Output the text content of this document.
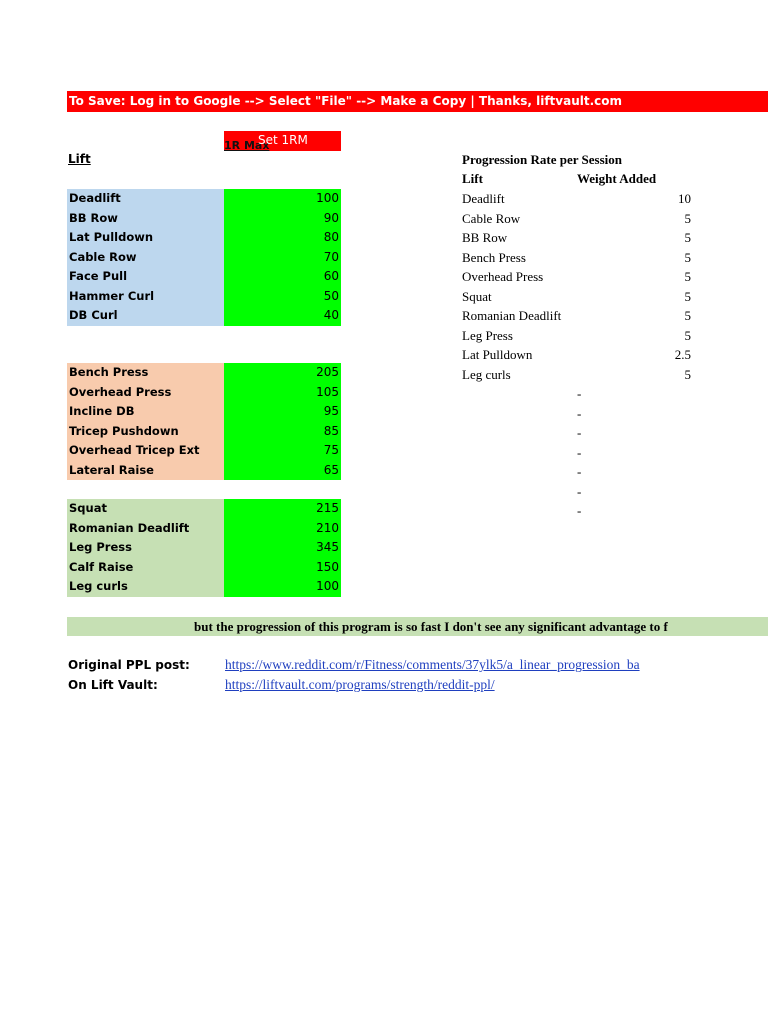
To Save: Log in to Google --> Select "File" --> Make a Copy | Thanks, liftvault.com
1R Max
Set 1RM
Lift
Deadlift	100
BB Row	90
Lat Pulldown	80
Cable Row	70
Face Pull	60
Hammer Curl	50
DB Curl	40
Bench Press	205
Overhead Press	105
Incline DB	95
Tricep Pushdown	85
Overhead Tricep Ext	75
Lateral Raise	65
Squat	215
Romanian Deadlift	210
Leg Press	345
Calf Raise	150
Leg curls	100
Progression Rate per Session
Lift	Weight Added
Deadlift	10
Cable Row	5
BB Row	5
Bench Press	5
Overhead Press	5
Squat	5
Romanian Deadlift	5
Leg Press	5
Lat Pulldown	2.5
Leg curls	5
-
-
-
-
-
-
-
but the progression of this program is so fast I don't see any significant advantage to f
Original PPL post:	https://www.reddit.com/r/Fitness/comments/37ylk5/a_linear_progression_ba
On Lift Vault:	https://liftvault.com/programs/strength/reddit-ppl/
